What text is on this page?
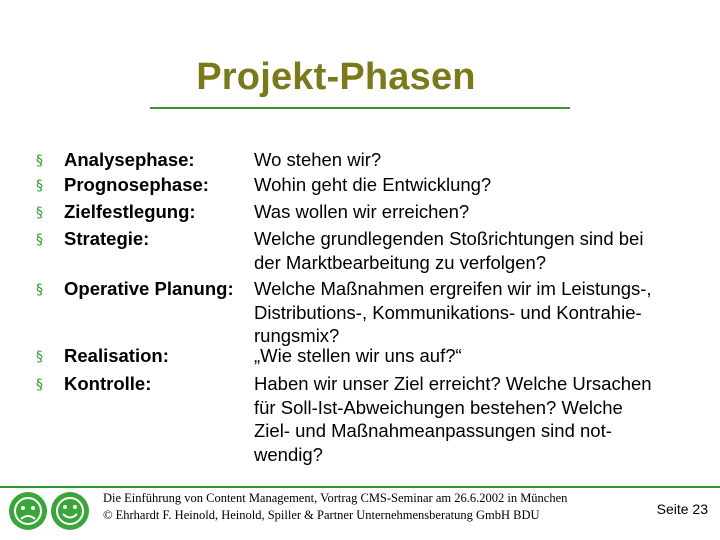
Projekt-Phasen
§	Analysephase:	Wo stehen wir?
§	Prognosephase:	Wohin geht die Entwicklung?
§	Zielfestlegung:	Was wollen wir erreichen?
§	Strategie:	Welche grundlegenden Stoßrichtungen sind bei
der Marktbearbeitung zu verfolgen?
§	Operative Planung:	Welche Maßnahmen ergreifen wir im Leistungs-,
Distributions-, Kommunikations- und Kontrahie-
rungsmix?
§	Realisation:	„Wie stellen wir uns auf?“
§	Kontrolle:	Haben wir unser Ziel erreicht? Welche Ursachen
für Soll-Ist-Abweichungen bestehen? Welche
Ziel- und Maßnahmeanpassungen sind not-
wendig?
Die Einführung von Content Management, Vortrag CMS-Seminar am 26.6.2002 in München
© Ehrhardt F. Heinold, Heinold, Spiller & Partner Unternehmensberatung GmbH BDU	Seite 23
